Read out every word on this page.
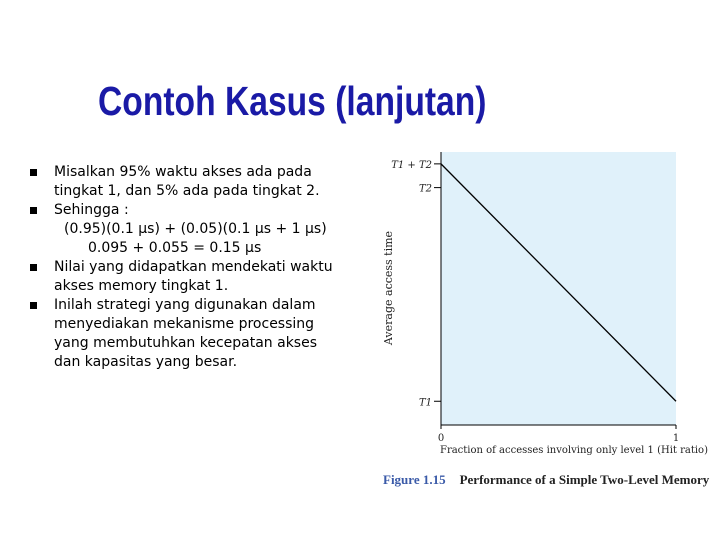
Contoh Kasus (lanjutan)
Misalkan 95% waktu akses ada pada
tingkat 1, dan 5% ada pada tingkat 2.
Sehingga :
(0.95)(0.1 μs) + (0.05)(0.1 μs + 1 μs)
0.095 + 0.055 = 0.15 μs
Nilai yang didapatkan mendekati waktu
akses memory tingkat 1.
Inilah strategi yang digunakan dalam
menyediakan mekanisme processing
yang membutuhkan kecepatan akses
dan kapasitas yang besar.
T1 + T2
T2
T1
0	1
Average access time
Fraction of accesses involving only level 1 (Hit ratio)
Figure 1.15 Performance of a Simple Two-Level Memory
